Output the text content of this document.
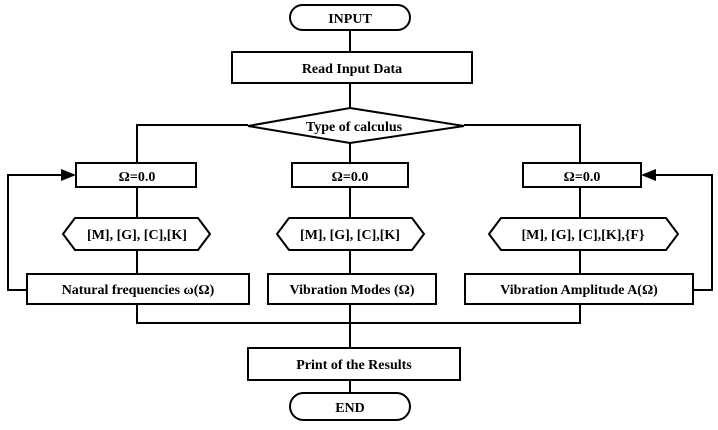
INPUT
Read Input Data
Type of calculus
Ω=0.0
[M], [G], [C],[K]
Natural frequencies ω(Ω)
Ω=0.0
[M], [G], [C],[K]
Vibration Modes (Ω)
Ω=0.0
[M], [G], [C],[K],{F}
Vibration Amplitude A(Ω)
Print of the Results
END
